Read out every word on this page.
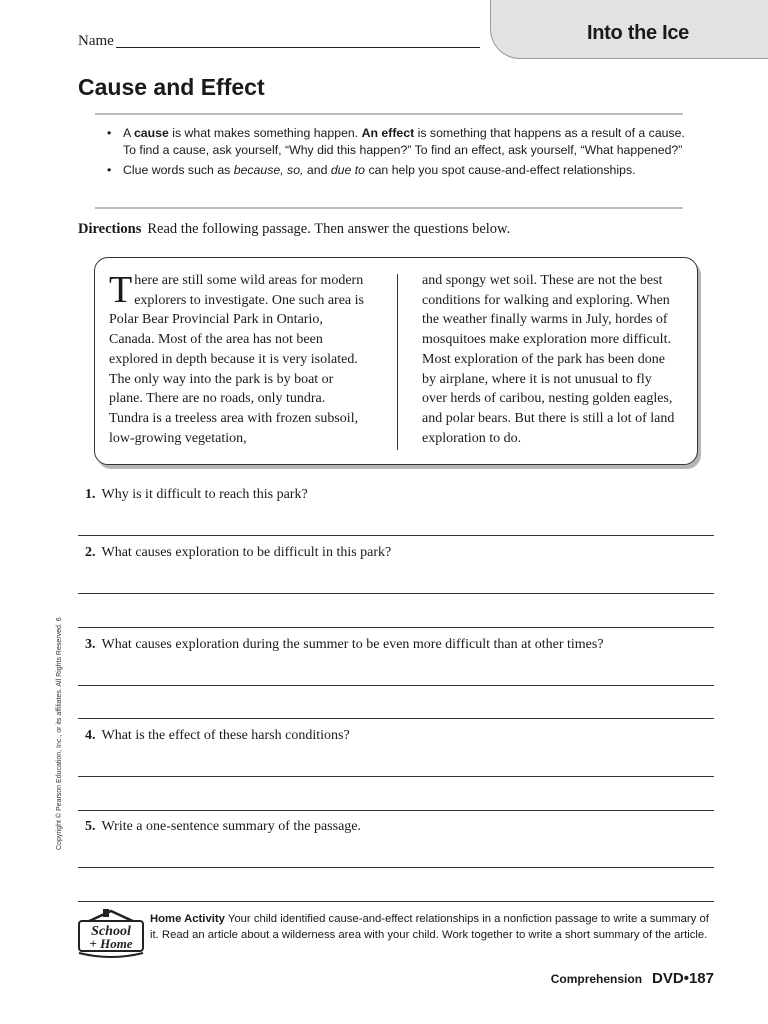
Into the Ice
Name
Cause and Effect
• A cause is what makes something happen. An effect is something that happens as a result of a cause. To find a cause, ask yourself, “Why did this happen?” To find an effect, ask yourself, “What happened?”
• Clue words such as because, so, and due to can help you spot cause-and-effect relationships.
Directions Read the following passage. Then answer the questions below.

There are still some wild areas for modern explorers to investigate. One such area is Polar Bear Provincial Park in Ontario, Canada. Most of the area has not been explored in depth because it is very isolated. The only way into the park is by boat or plane. There are no roads, only tundra. Tundra is a treeless area with frozen subsoil, low-growing vegetation,

and spongy wet soil. These are not the best conditions for walking and exploring. When the weather finally warms in July, hordes of mosquitoes make exploration more difficult. Most exploration of the park has been done by airplane, where it is not unusual to fly over herds of caribou, nesting golden eagles, and polar bears. But there is still a lot of land exploration to do.

1. Why is it difficult to reach this park?
2. What causes exploration to be difficult in this park?
3. What causes exploration during the summer to be even more difficult than at other times?
4. What is the effect of these harsh conditions?
5. Write a one-sentence summary of the passage.
Copyright © Pearson Education, Inc., or its affiliates. All Rights Reserved. 6
School
+ Home

Home Activity Your child identified cause-and-effect relationships in a nonfiction passage to write a summary of it. Read an article about a wilderness area with your child. Work together to write a short summary of the article.

Comprehension DVD•187
